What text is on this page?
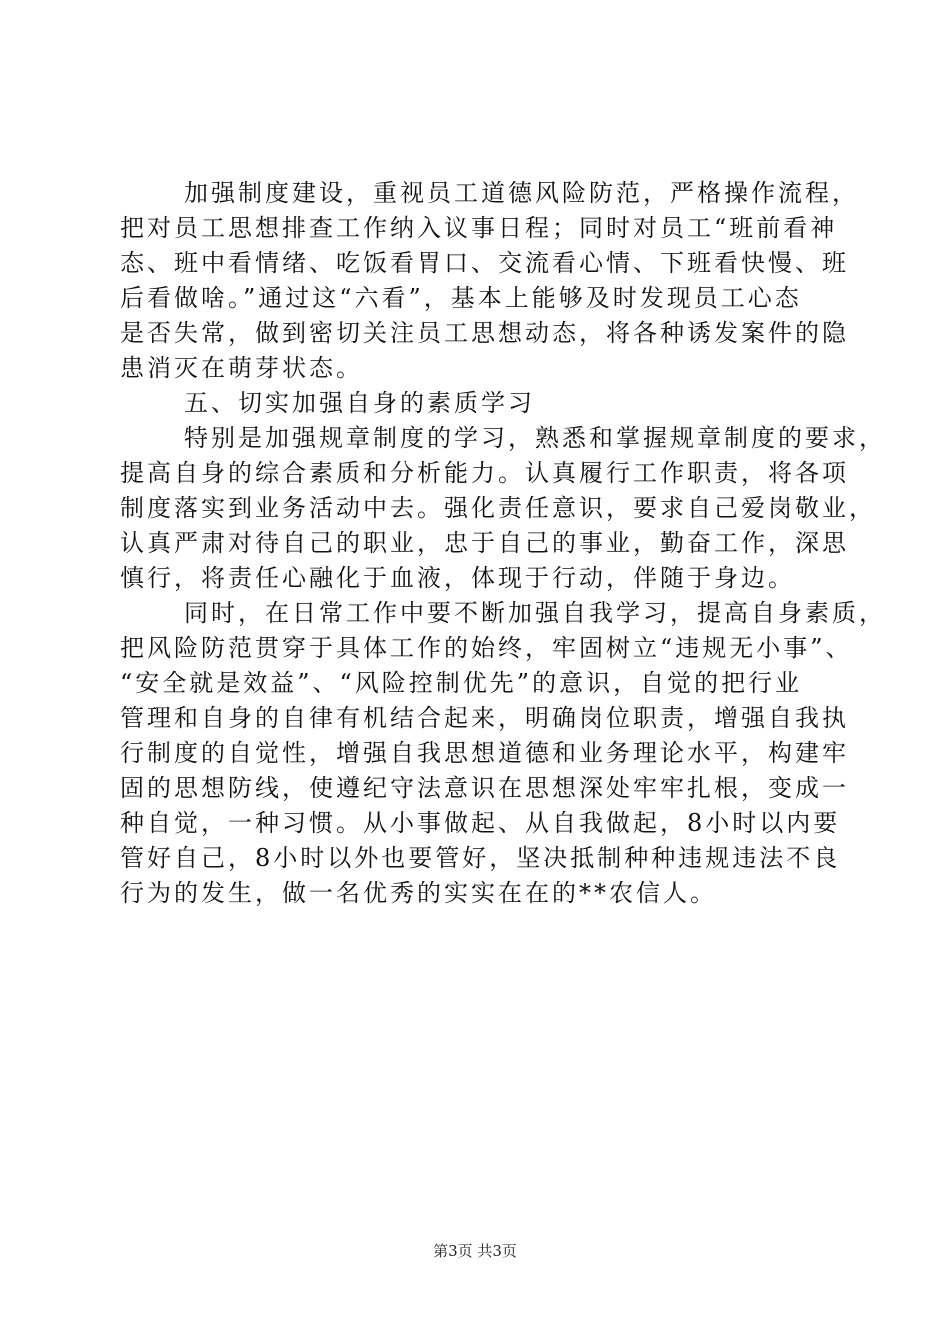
加强制度建设，重视员工道德风险防范，严格操作流程，
把对员工思想排查工作纳入议事日程；同时对员工“班前看神
态、班中看情绪、吃饭看胃口、交流看心情、下班看快慢、班
后看做啥。”通过这“六看”，基本上能够及时发现员工心态
是否失常，做到密切关注员工思想动态，将各种诱发案件的隐
患消灭在萌芽状态。
五、切实加强自身的素质学习
特别是加强规章制度的学习，熟悉和掌握规章制度的要求，
提高自身的综合素质和分析能力。认真履行工作职责，将各项
制度落实到业务活动中去。强化责任意识，要求自己爱岗敬业，
认真严肃对待自己的职业，忠于自己的事业，勤奋工作，深思
慎行，将责任心融化于血液，体现于行动，伴随于身边。
同时，在日常工作中要不断加强自我学习，提高自身素质，
把风险防范贯穿于具体工作的始终，牢固树立“违规无小事”、
“安全就是效益”、“风险控制优先”的意识，自觉的把行业
管理和自身的自律有机结合起来，明确岗位职责，增强自我执
行制度的自觉性，增强自我思想道德和业务理论水平，构建牢
固的思想防线，使遵纪守法意识在思想深处牢牢扎根，变成一
种自觉，一种习惯。从小事做起、从自我做起，8小时以内要
管好自己，8小时以外也要管好，坚决抵制种种违规违法不良
行为的发生，做一名优秀的实实在在的**农信人。
第3页 共3页
